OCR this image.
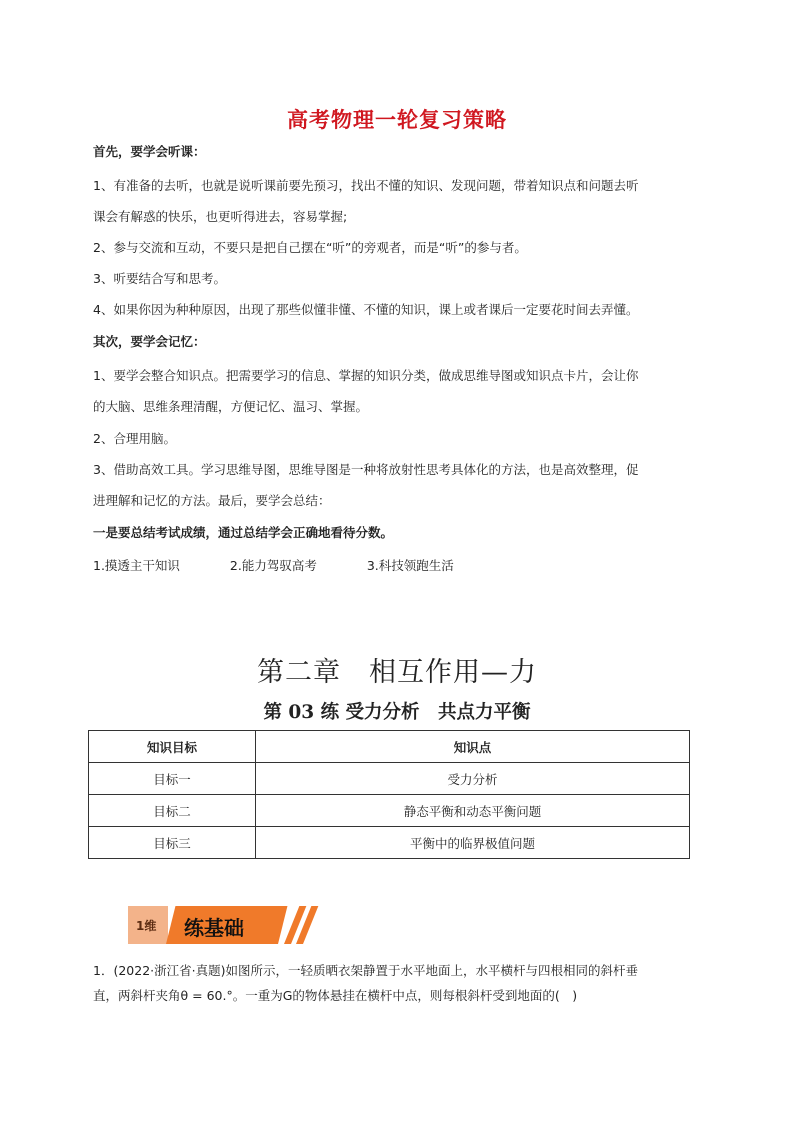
高考物理一轮复习策略
首先，要学会听课：
1、有准备的去听，也就是说听课前要先预习，找出不懂的知识、发现问题，带着知识点和问题去听
课会有解惑的快乐，也更听得进去，容易掌握;
2、参与交流和互动，不要只是把自己摆在“听”的旁观者，而是“听”的参与者。
3、听要结合写和思考。
4、如果你因为种种原因，出现了那些似懂非懂、不懂的知识，课上或者课后一定要花时间去弄懂。
其次，要学会记忆：
1、要学会整合知识点。把需要学习的信息、掌握的知识分类，做成思维导图或知识点卡片，会让你
的大脑、思维条理清醒，方便记忆、温习、掌握。
2、合理用脑。
3、借助高效工具。学习思维导图，思维导图是一种将放射性思考具体化的方法，也是高效整理，促
进理解和记忆的方法。最后，要学会总结：
一是要总结考试成绩，通过总结学会正确地看待分数。
1.摸透主干知识	2.能力驾驭高考	3.科技领跑生活
第二章　相互作用—力
第 03 练 受力分析　共点力平衡
知识目标	知识点
目标一	受力分析
目标二	静态平衡和动态平衡问题
目标三	平衡中的临界极值问题
1维 练基础
1．(2022·浙江省·真题)如图所示，一轻质晒衣架静置于水平地面上，水平横杆与四根相同的斜杆垂
直，两斜杆夹角θ = 60.°。一重为G的物体悬挂在横杆中点，则每根斜杆受到地面的(　)
